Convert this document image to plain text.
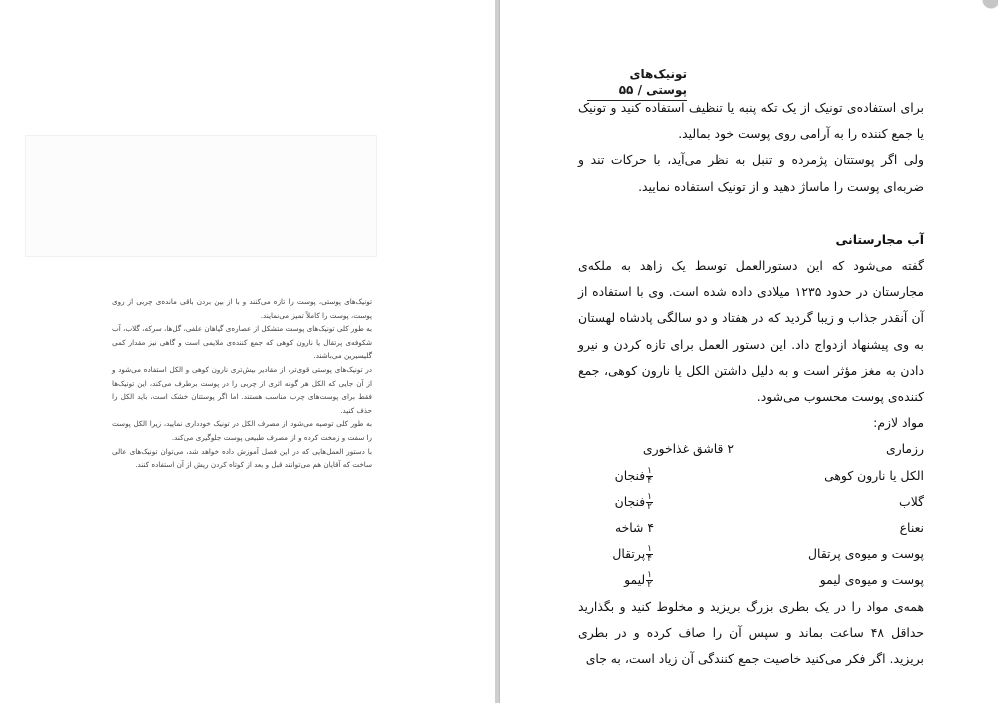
تونیک‌های پوستی، پوست را تازه می‌کنند و با از بین بردن باقی مانده‌ی چربی از روی پوست، پوست را کاملاً تمیز می‌نمایند.

به طور کلی تونیک‌های پوست متشکل از عصاره‌ی گیاهان علفی، گل‌ها، سرکه، گلاب، آب شکوفه‌ی پرتقال یا نارون کوهی که جمع کننده‌ی ملایمی است و گاهی نیز مقدار کمی گلیسیرین می‌باشند.

در تونیک‌های پوستی قوی‌تر، از مقادیر بیش‌تری نارون کوهی و الکل استفاده می‌شود و از آن جایی که الکل هر گونه اثری از چربی را در پوست برطرف می‌کند، این تونیک‌ها فقط برای پوست‌های چرب مناسب هستند. اما اگر پوستتان خشک است، باید الکل را حذف کنید.

به طور کلی توصیه می‌شود از مصرف الکل در تونیک خودداری نمایید، زیرا الکل پوست را سفت و زمخت کرده و از مصرف طبیعی پوست جلوگیری می‌کند.

با دستور العمل‌هایی که در این فصل آموزش داده خواهد شد، می‌توان تونیک‌های عالی ساخت که آقایان هم می‌توانند قبل و بعد از کوتاه کردن ریش از آن استفاده کنند.

تونیک‌های پوستی / ۵۵

برای استفاده‌ی تونیک از یک تکه پنبه یا تنظیف استفاده کنید و تونیک یا جمع کننده را به آرامی روی پوست خود بمالید.

ولی اگر پوستتان پژمرده و تنبل به نظر می‌آید، با حرکات تند و ضربه‌ای پوست را ماساژ دهید و از تونیک استفاده نمایید.

آب مجارستانی

گفته می‌شود که این دستورالعمل توسط یک زاهد به ملکه‌ی مجارستان در حدود ۱۲۳۵ میلادی داده شده است. وی با استفاده از آن آنقدر جذاب و زیبا گردید که در هفتاد و دو سالگی پادشاه لهستان به وی پیشنهاد ازدواج داد. این دستور العمل برای تازه کردن و نیرو دادن به مغز مؤثر است و به دلیل داشتن الکل یا نارون کوهی، جمع کننده‌ی پوست محسوب می‌شود.

مواد لازم:

رزماری
۲ قاشق غذاخوری
الکل یا نارون کوهی
$\frac{۱}{۴}$
فنجان
گلاب
$\frac{۱}{۲}$
فنجان
نعناع
۴ شاخه
پوست و میوه‌ی پرتقال
$\frac{۱}{۴}$
پرتقال
پوست و میوه‌ی لیمو
$\frac{۱}{۲}$
لیمو

همه‌ی مواد را در یک بطری بزرگ بریزید و مخلوط کنید و بگذارید حداقل ۴۸ ساعت بماند و سپس آن را صاف کرده و در بطری بریزید. اگر فکر می‌کنید خاصیت جمع کنندگی آن زیاد است، به جای
